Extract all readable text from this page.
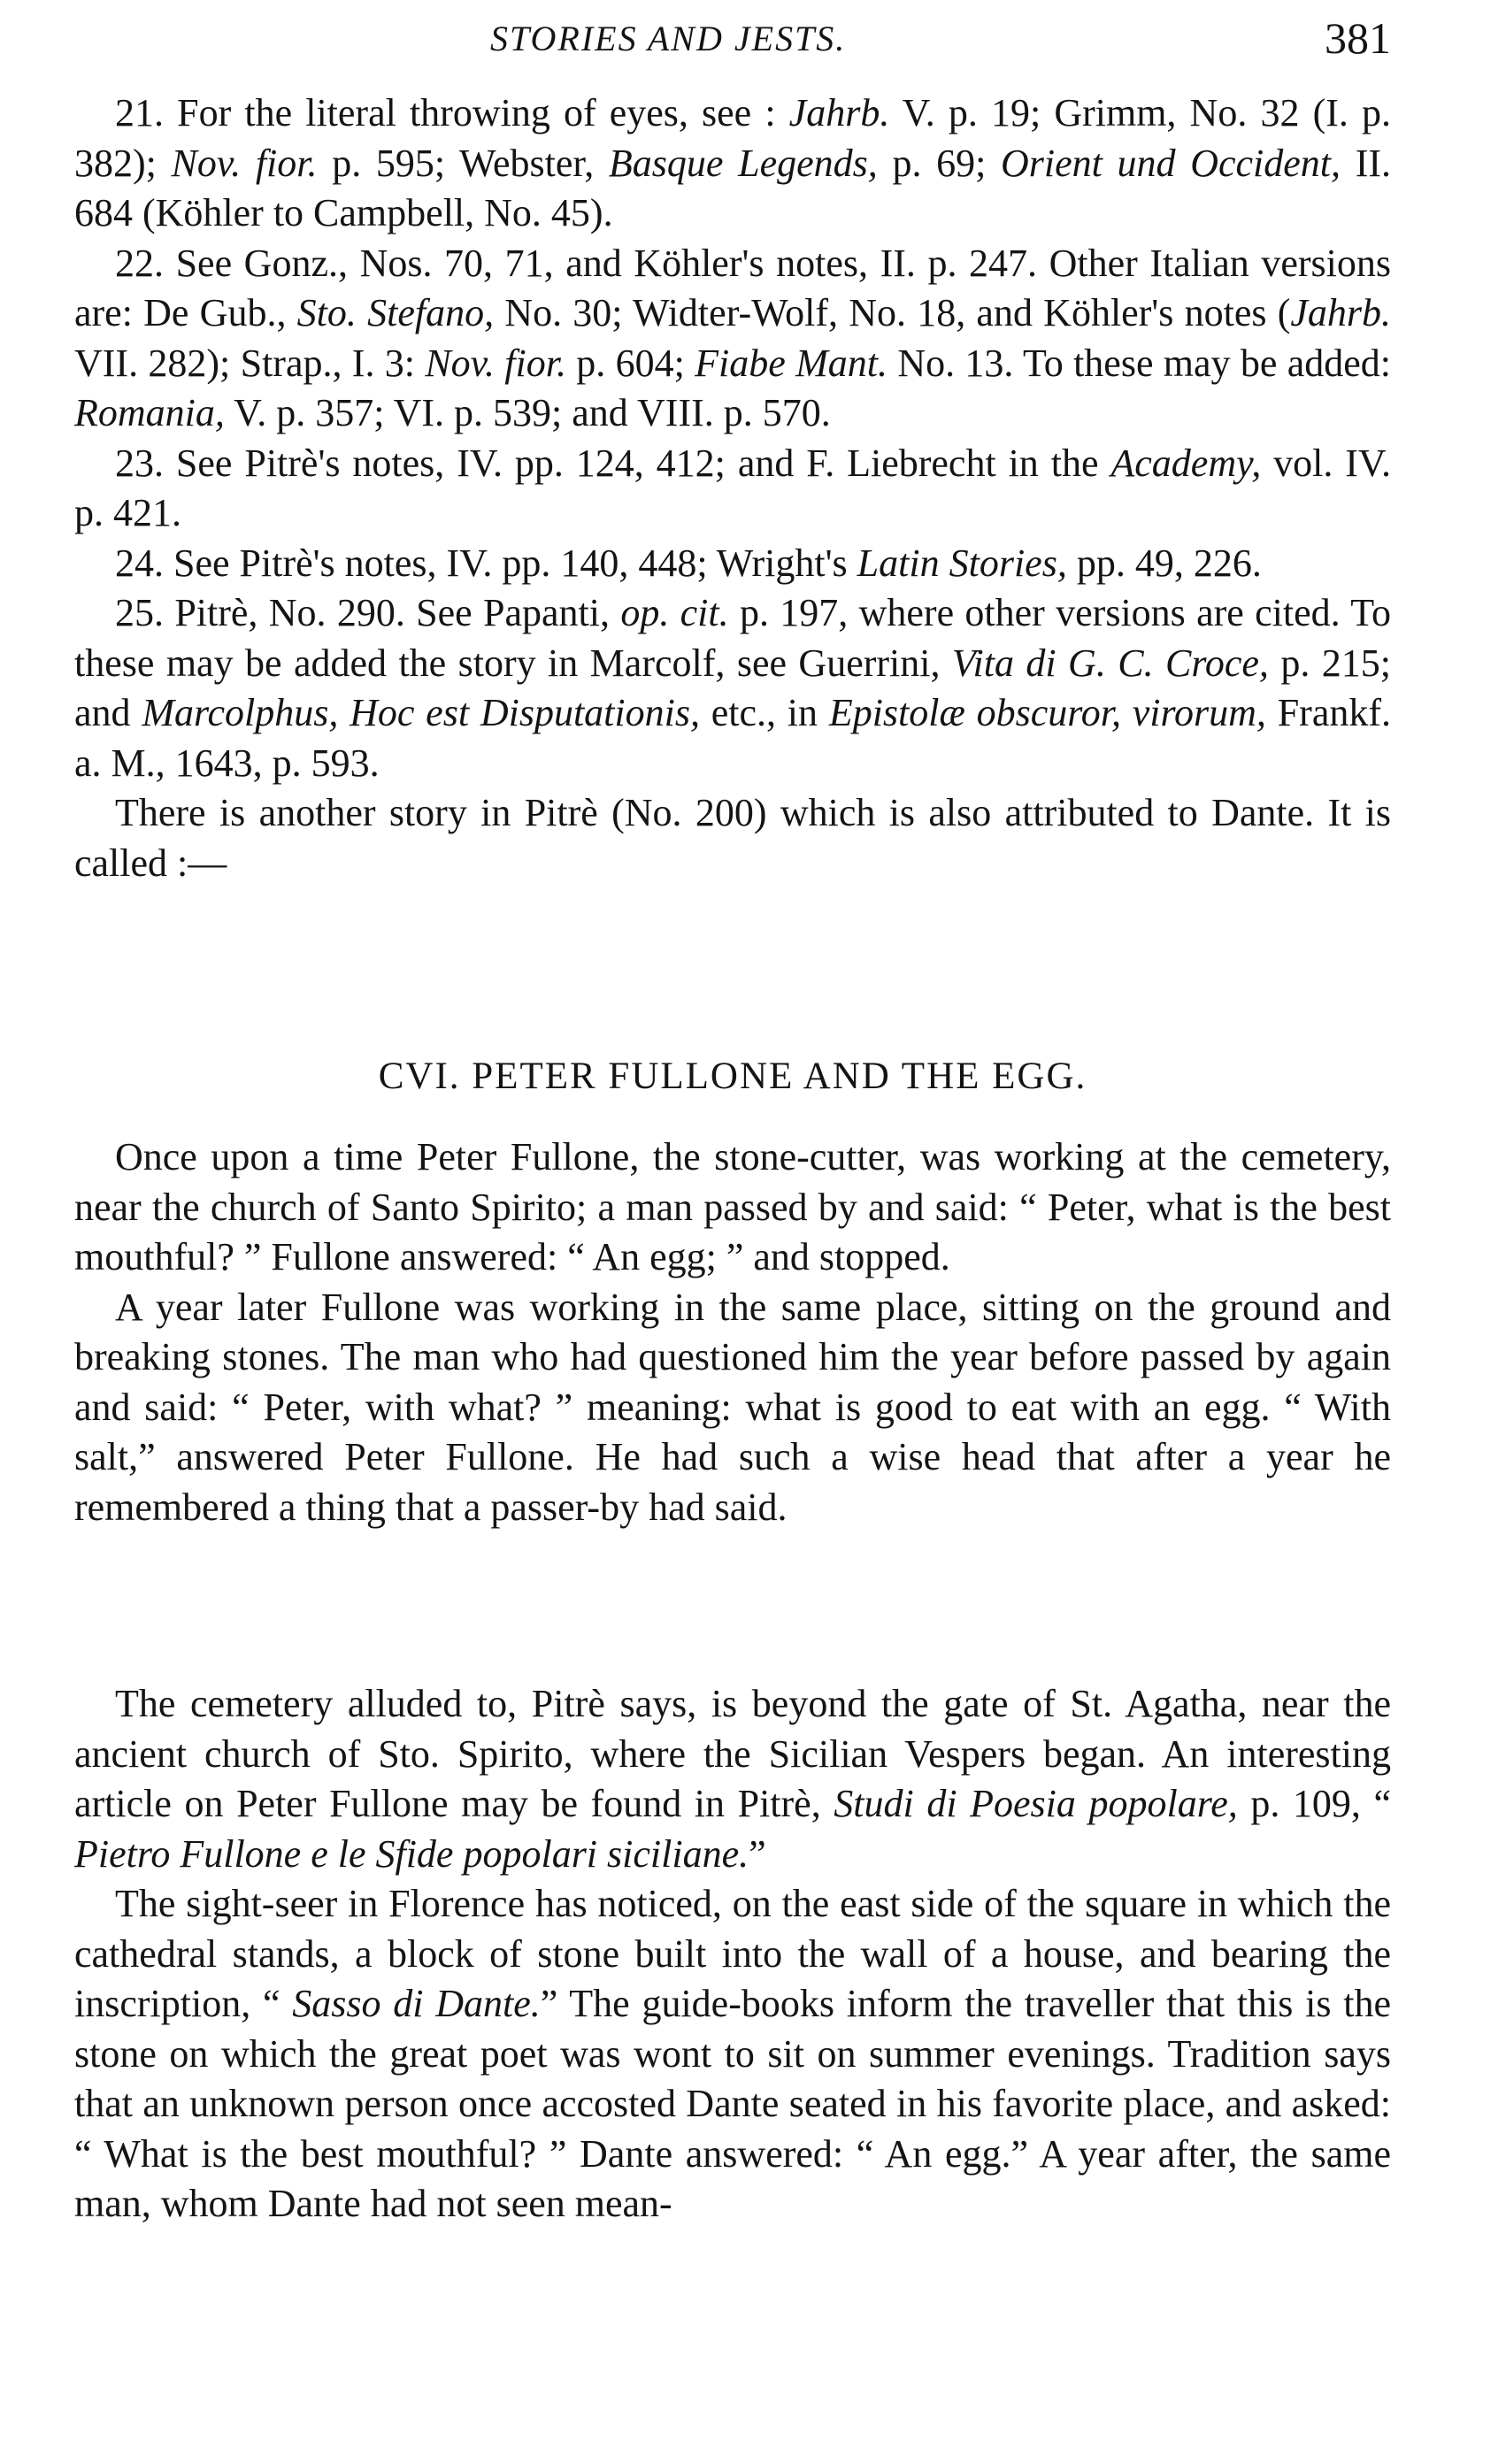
STORIES AND JESTS.	381

21. For the literal throwing of eyes, see : Jahrb. V. p. 19; Grimm, No. 32 (I. p. 382); Nov. fior. p. 595; Webster, Basque Legends, p. 69; Orient und Occident, II. 684 (Köhler to Campbell, No. 45).

22. See Gonz., Nos. 70, 71, and Köhler's notes, II. p. 247. Other Italian versions are: De Gub., Sto. Stefano, No. 30; Widter-Wolf, No. 18, and Köhler's notes (Jahrb. VII. 282); Strap., I. 3: Nov. fior. p. 604; Fiabe Mant. No. 13. To these may be added: Romania, V. p. 357; VI. p. 539; and VIII. p. 570.

23. See Pitrè's notes, IV. pp. 124, 412; and F. Liebrecht in the Academy, vol. IV. p. 421.

24. See Pitrè's notes, IV. pp. 140, 448; Wright's Latin Stories, pp. 49, 226.

25. Pitrè, No. 290. See Papanti, op. cit. p. 197, where other versions are cited. To these may be added the story in Marcolf, see Guerrini, Vita di G. C. Croce, p. 215; and Marcolphus, Hoc est Disputationis, etc., in Epistolæ obscuror, virorum, Frankf. a. M., 1643, p. 593.

There is another story in Pitrè (No. 200) which is also attributed to Dante. It is called :—

CVI. PETER FULLONE AND THE EGG.

Once upon a time Peter Fullone, the stone-cutter, was working at the cemetery, near the church of Santo Spirito; a man passed by and said: “ Peter, what is the best mouthful? ” Fullone answered: “ An egg; ” and stopped.

A year later Fullone was working in the same place, sitting on the ground and breaking stones. The man who had questioned him the year before passed by again and said: “ Peter, with what? ” meaning: what is good to eat with an egg. “ With salt,” answered Peter Fullone. He had such a wise head that after a year he remembered a thing that a passer-by had said.

The cemetery alluded to, Pitrè says, is beyond the gate of St. Agatha, near the ancient church of Sto. Spirito, where the Sicilian Vespers began. An interesting article on Peter Fullone may be found in Pitrè, Studi di Poesia popolare, p. 109, “ Pietro Fullone e le Sfide popolari siciliane.”

The sight-seer in Florence has noticed, on the east side of the square in which the cathedral stands, a block of stone built into the wall of a house, and bearing the inscription, “ Sasso di Dante.” The guide-books inform the traveller that this is the stone on which the great poet was wont to sit on summer evenings. Tradition says that an unknown person once accosted Dante seated in his favorite place, and asked: “ What is the best mouthful? ” Dante answered: “ An egg.” A year after, the same man, whom Dante had not seen mean-
